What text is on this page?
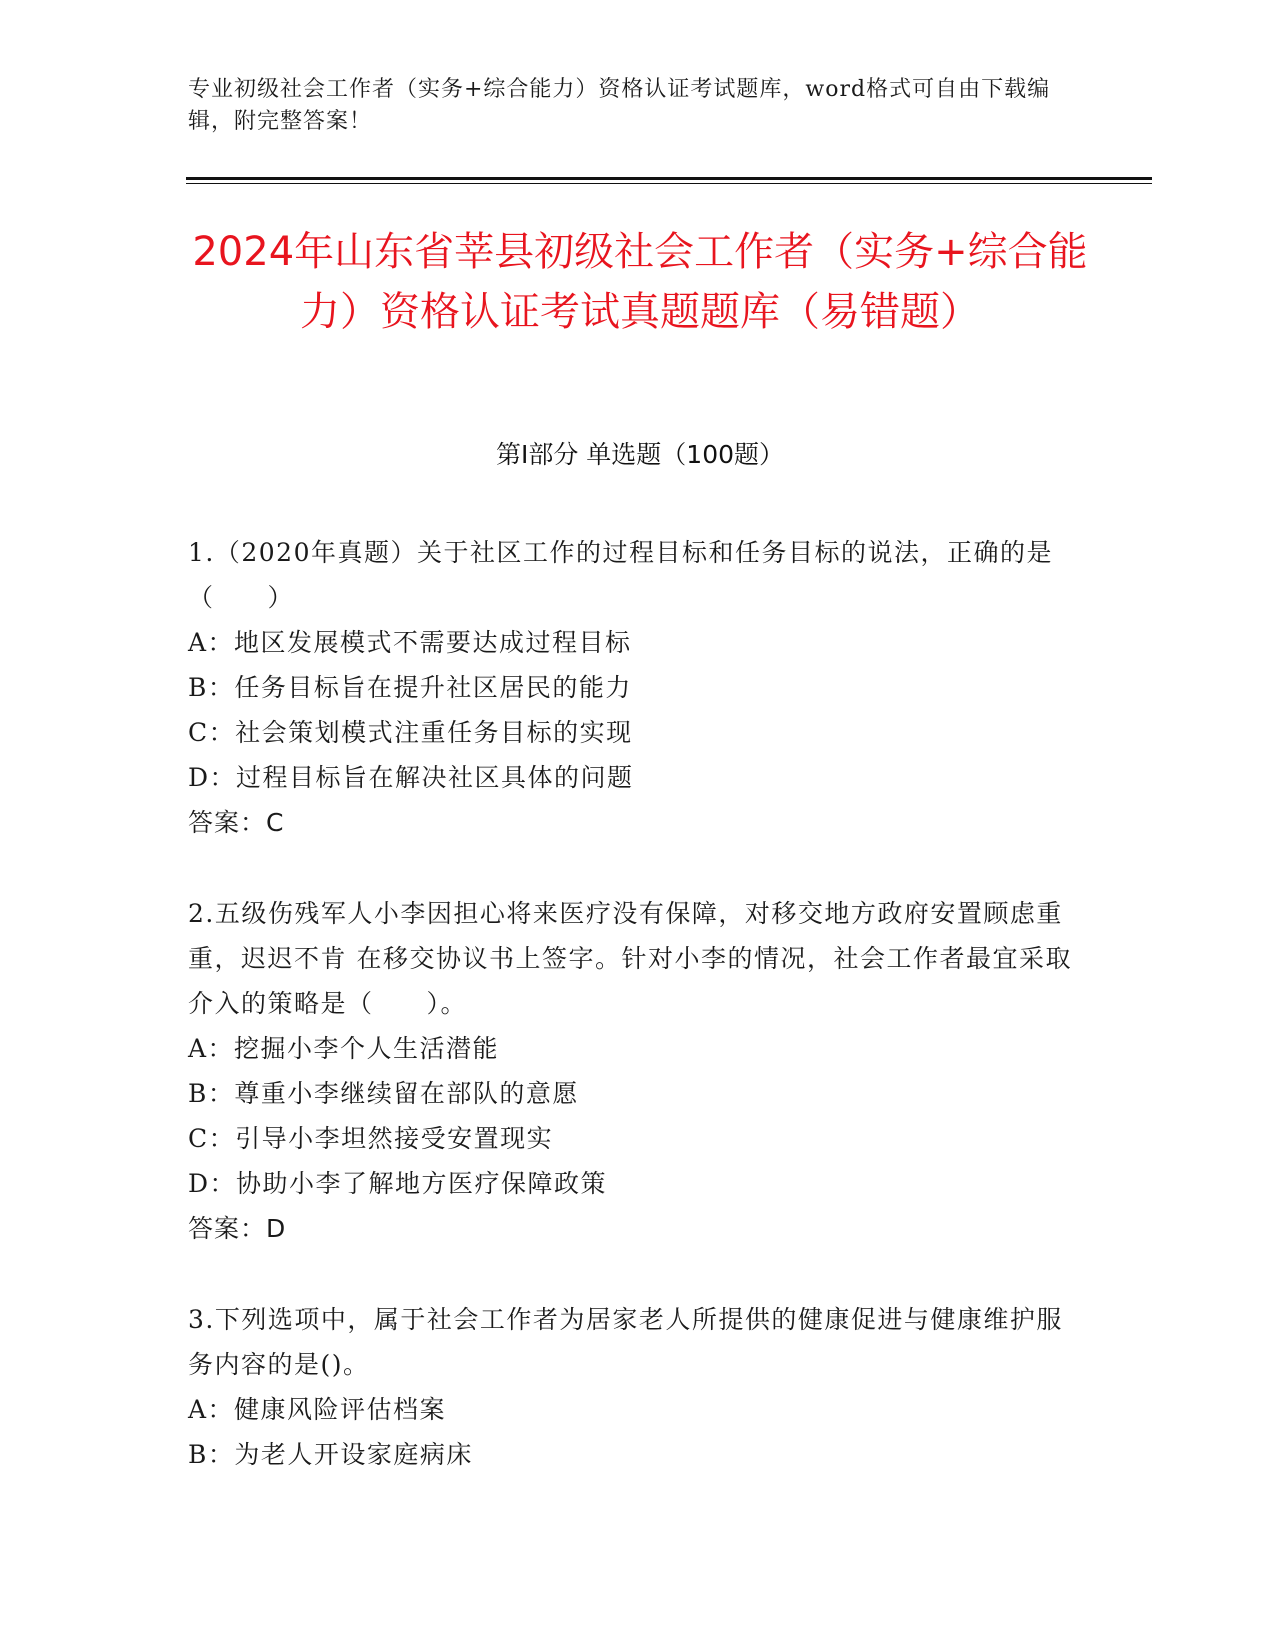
专业初级社会工作者（实务+综合能力）资格认证考试题库，word格式可自由下载编辑，附完整答案！
2024年山东省莘县初级社会工作者（实务+综合能力）资格认证考试真题题库（易错题）
第Ⅰ部分 单选题（100题）

1.（2020年真题）关于社区工作的过程目标和任务目标的说法，正确的是（　　）

A：地区发展模式不需要达成过程目标

B：任务目标旨在提升社区居民的能力

C：社会策划模式注重任务目标的实现

D：过程目标旨在解决社区具体的问题

答案：C

2.五级伤残军人小李因担心将来医疗没有保障，对移交地方政府安置顾虑重重，迟迟不肯 在移交协议书上签字。针对小李的情况，社会工作者最宜采取介入的策略是（　　）。

A：挖掘小李个人生活潜能

B：尊重小李继续留在部队的意愿

C：引导小李坦然接受安置现实

D：协助小李了解地方医疗保障政策

答案：D

3.下列选项中，属于社会工作者为居家老人所提供的健康促进与健康维护服务内容的是()。

A：健康风险评估档案

B：为老人开设家庭病床
